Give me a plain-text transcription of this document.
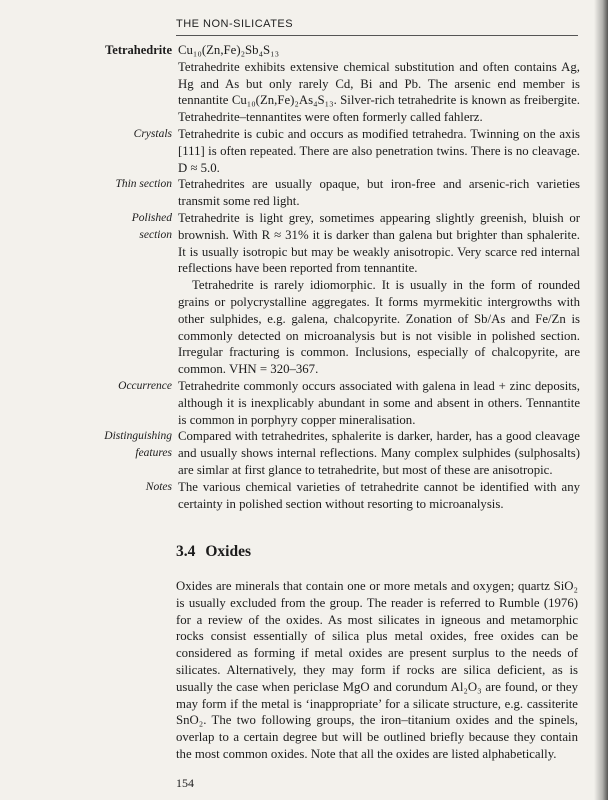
THE NON-SILICATES
Tetrahedrite Cu₁₀(Zn,Fe)₂Sb₄S₁₃

Tetrahedrite exhibits extensive chemical substitution and often contains Ag, Hg and As but only rarely Cd, Bi and Pb. The arsenic end member is tennantite Cu₁₀(Zn,Fe)₂As₄S₁₃. Silver-rich tetrahedrite is known as freibergite. Tetrahedrite–tennantites were often formerly called fahlerz.

Crystals Tetrahedrite is cubic and occurs as modified tetrahedra. Twinning on the axis [111] is often repeated. There are also penetration twins. There is no cleavage. D ≈ 5.0.

Thin section Tetrahedrites are usually opaque, but iron-free and arsenic-rich varieties transmit some red light.

Polished
section

Tetrahedrite is light grey, sometimes appearing slightly greenish, bluish or brownish. With R ≈ 31% it is darker than galena but brighter than sphalerite. It is usually isotropic but may be weakly anisotropic. Very scarce red internal reflections have been reported from tennantite.

Tetrahedrite is rarely idiomorphic. It is usually in the form of rounded grains or polycrystalline aggregates. It forms myrmekitic intergrowths with other sulphides, e.g. galena, chalcopyrite. Zonation of Sb/As and Fe/Zn is commonly detected on microanalysis but is not visible in polished section. Irregular fracturing is common. Inclusions, especially of chalcopyrite, are common. VHN = 320–367.

Occurrence Tetrahedrite commonly occurs associated with galena in lead + zinc deposits, although it is inexplicably abundant in some and absent in others. Tennantite is common in porphyry copper mineralisation.

Distinguishing
features

Compared with tetrahedrites, sphalerite is darker, harder, has a good cleavage and usually shows internal reflections. Many complex sulphides (sulphosalts) are simlar at first glance to tetrahedrite, but most of these are anisotropic.

Notes The various chemical varieties of tetrahedrite cannot be identified with any certainty in polished section without resorting to microanalysis.

3.4 Oxides

Oxides are minerals that contain one or more metals and oxygen; quartz SiO₂ is usually excluded from the group. The reader is referred to Rumble (1976) for a review of the oxides. As most silicates in igneous and metamorphic rocks consist essentially of silica plus metal oxides, free oxides can be considered as forming if metal oxides are present surplus to the needs of silicates. Alternatively, they may form if rocks are silica deficient, as is usually the case when periclase MgO and corundum Al₂O₃ are found, or they may form if the metal is ‘inappropriate’ for a silicate structure, e.g. cassiterite SnO₂. The two following groups, the iron–titanium oxides and the spinels, overlap to a certain degree but will be outlined briefly because they contain the most common oxides. Note that all the oxides are listed alphabetically.

154
